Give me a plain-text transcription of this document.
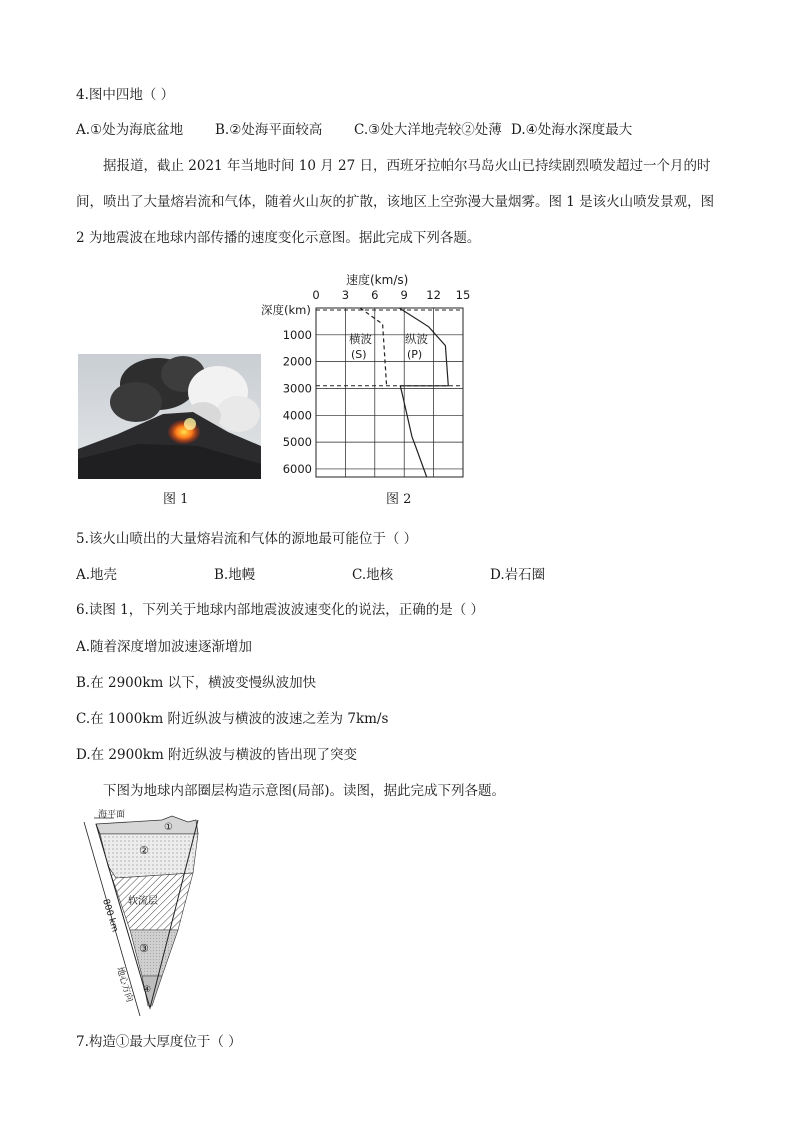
4.图中四地（ ）
A.①处为海底盆地 B.②处海平面较高 C.③处大洋地壳较②处薄 D.④处海水深度最大
据报道，截止 2021 年当地时间 10 月 27 日，西班牙拉帕尔马岛火山已持续剧烈喷发超过一个月的时间，喷出了大量熔岩流和气体，随着火山灰的扩散，该地区上空弥漫大量烟雾。图 1 是该火山喷发景观，图 2 为地震波在地球内部传播的速度变化示意图。据此完成下列各题。
图 1
速度(km/s)
深度(km)
0 3 6 9 12 15
1000
2000
3000
4000
5000
6000
横波
(S)
纵波
(P)
图 2
5.该火山喷出的大量熔岩流和气体的源地最可能位于（ ）
A.地壳	B.地幔	C.地核	D.岩石圈
6.读图 1，下列关于地球内部地震波波速变化的说法，正确的是（ ）
A.随着深度增加波速逐渐增加
B.在 2900km 以下，横波变慢纵波加快
C.在 1000km 附近纵波与横波的波速之差为 7km/s
D.在 2900km 附近纵波与横波的皆出现了突变
下图为地球内部圈层构造示意图(局部)。读图，据此完成下列各题。
海平面
①
②
软流层
③
④
800 km
地心方向
7.构造①最大厚度位于（ ）
